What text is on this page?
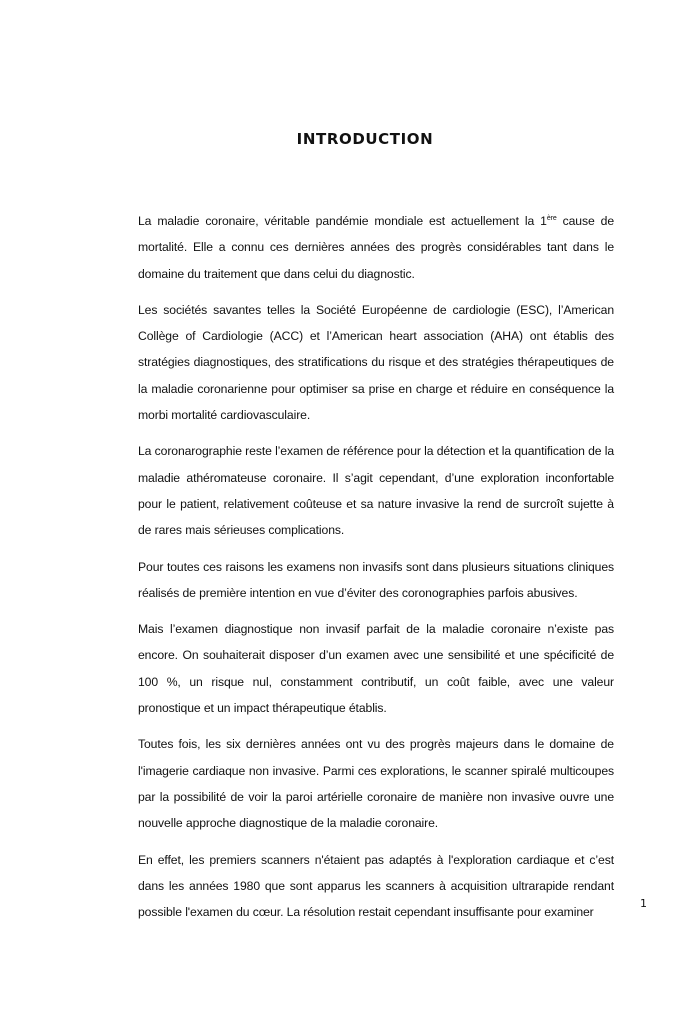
INTRODUCTION

La maladie coronaire, véritable pandémie mondiale est actuellement la 1ère cause de mortalité. Elle a connu ces dernières années des progrès considérables tant dans le domaine du traitement que dans celui du diagnostic.

Les sociétés savantes telles la Société Européenne de cardiologie (ESC), l’American Collège of Cardiologie (ACC) et l’American heart association (AHA) ont établis des stratégies diagnostiques, des stratifications du risque et des stratégies thérapeutiques de la maladie coronarienne pour optimiser sa prise en charge et réduire en conséquence la morbi mortalité cardiovasculaire.

La coronarographie reste l’examen de référence pour la détection et la quantification de la maladie athéromateuse coronaire. Il s’agit cependant, d’une exploration inconfortable pour le patient, relativement coûteuse et sa nature invasive la rend de surcroît sujette à de rares mais sérieuses complications.

Pour toutes ces raisons les examens non invasifs sont dans plusieurs situations cliniques réalisés de première intention en vue d’éviter des coronographies parfois abusives.

Mais l’examen diagnostique non invasif parfait de la maladie coronaire n’existe pas encore. On souhaiterait disposer d’un examen avec une sensibilité et une spécificité de 100 %, un risque nul, constamment contributif, un coût faible, avec une valeur pronostique et un impact thérapeutique établis.

Toutes fois, les six dernières années ont vu des progrès majeurs dans le domaine de l'imagerie cardiaque non invasive. Parmi ces explorations, le scanner spiralé multicoupes par la possibilité de voir la paroi artérielle coronaire de manière non invasive ouvre une nouvelle approche diagnostique de la maladie coronaire.

En effet, les premiers scanners n'étaient pas adaptés à l'exploration cardiaque et c’est dans les années 1980 que sont apparus les scanners à acquisition ultrarapide rendant possible l'examen du cœur. La résolution restait cependant insuffisante pour examiner

1
